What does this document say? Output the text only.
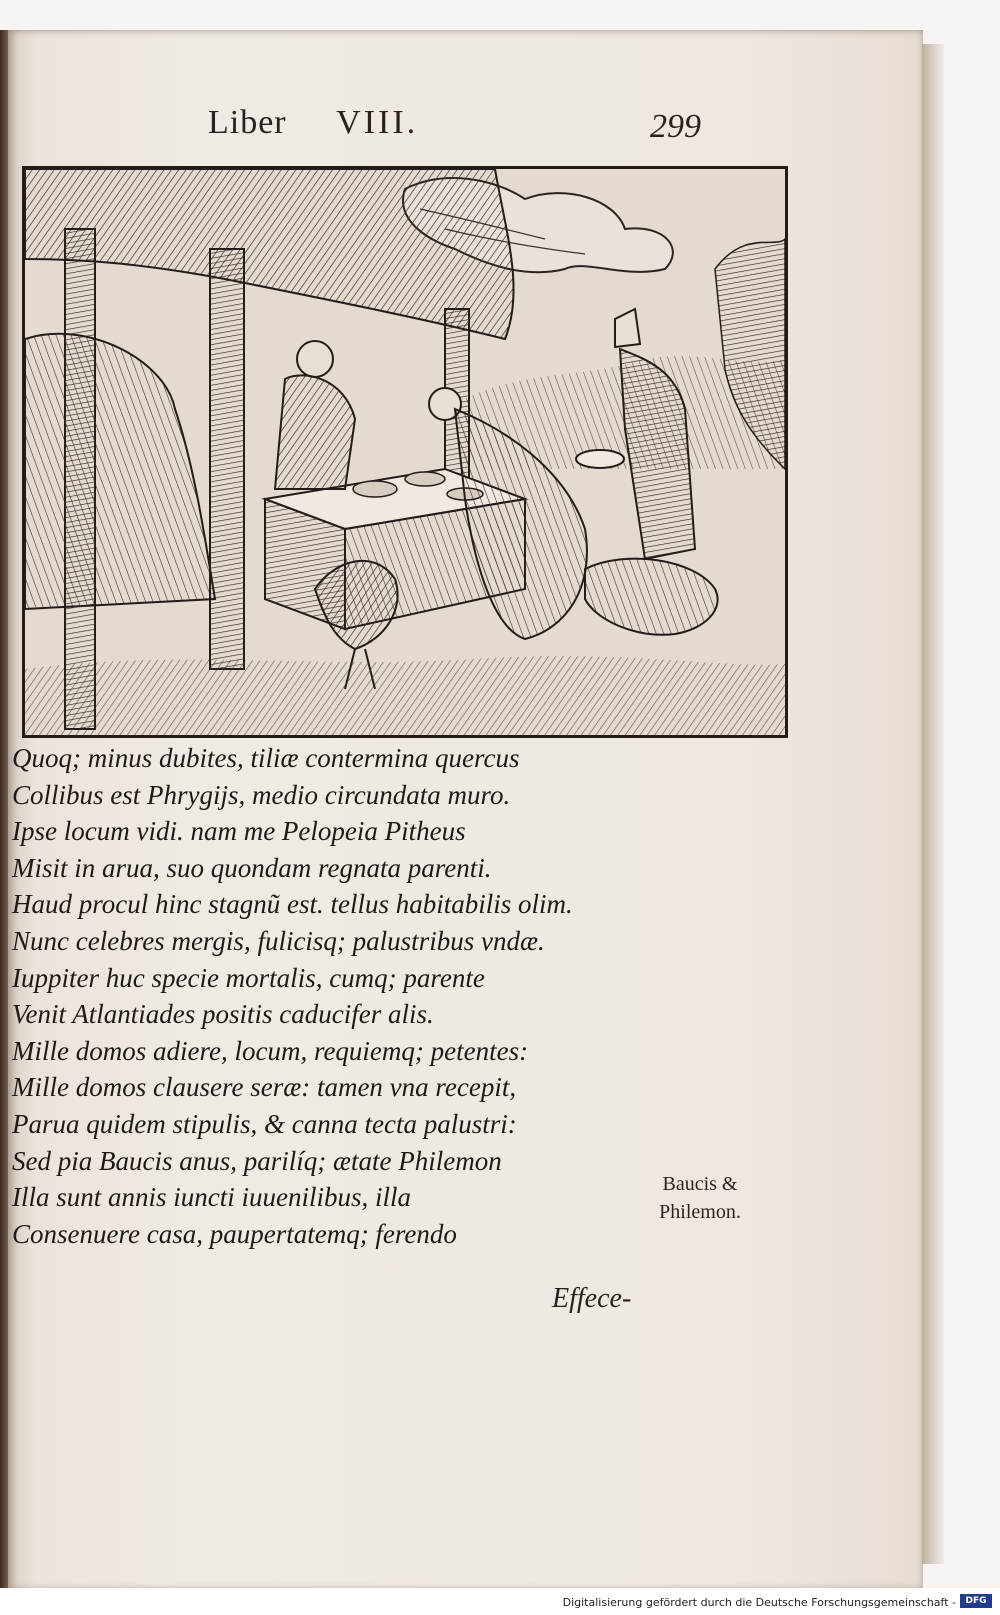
Liber VIII.	299
Quoq; minus dubites, tiliæ contermina quercus
Collibus est Phrygijs, medio circundata muro.
Ipse locum vidi. nam me Pelopeia Pitheus
Misit in arua, suo quondam regnata parenti.
Haud procul hinc stagnũ est. tellus habitabilis olim.
Nunc celebres mergis, fulicisq; palustribus vndæ.
Iuppiter huc specie mortalis, cumq; parente
Venit Atlantiades positis caducifer alis.
Mille domos adiere, locum, requiemq; petentes:
Mille domos clausere seræ: tamen vna recepit,
Parua quidem stipulis, & canna tecta palustri:
Sed pia Baucis anus, parilíq; ætate Philemon
Illa sunt annis iuncti iuuenilibus, illa
Consenuere casa, paupertatemq; ferendo
Baucis &
Philemon.
Effece-
Digitalisierung gefördert durch die Deutsche Forschungsgemeinschaft -	DFG
